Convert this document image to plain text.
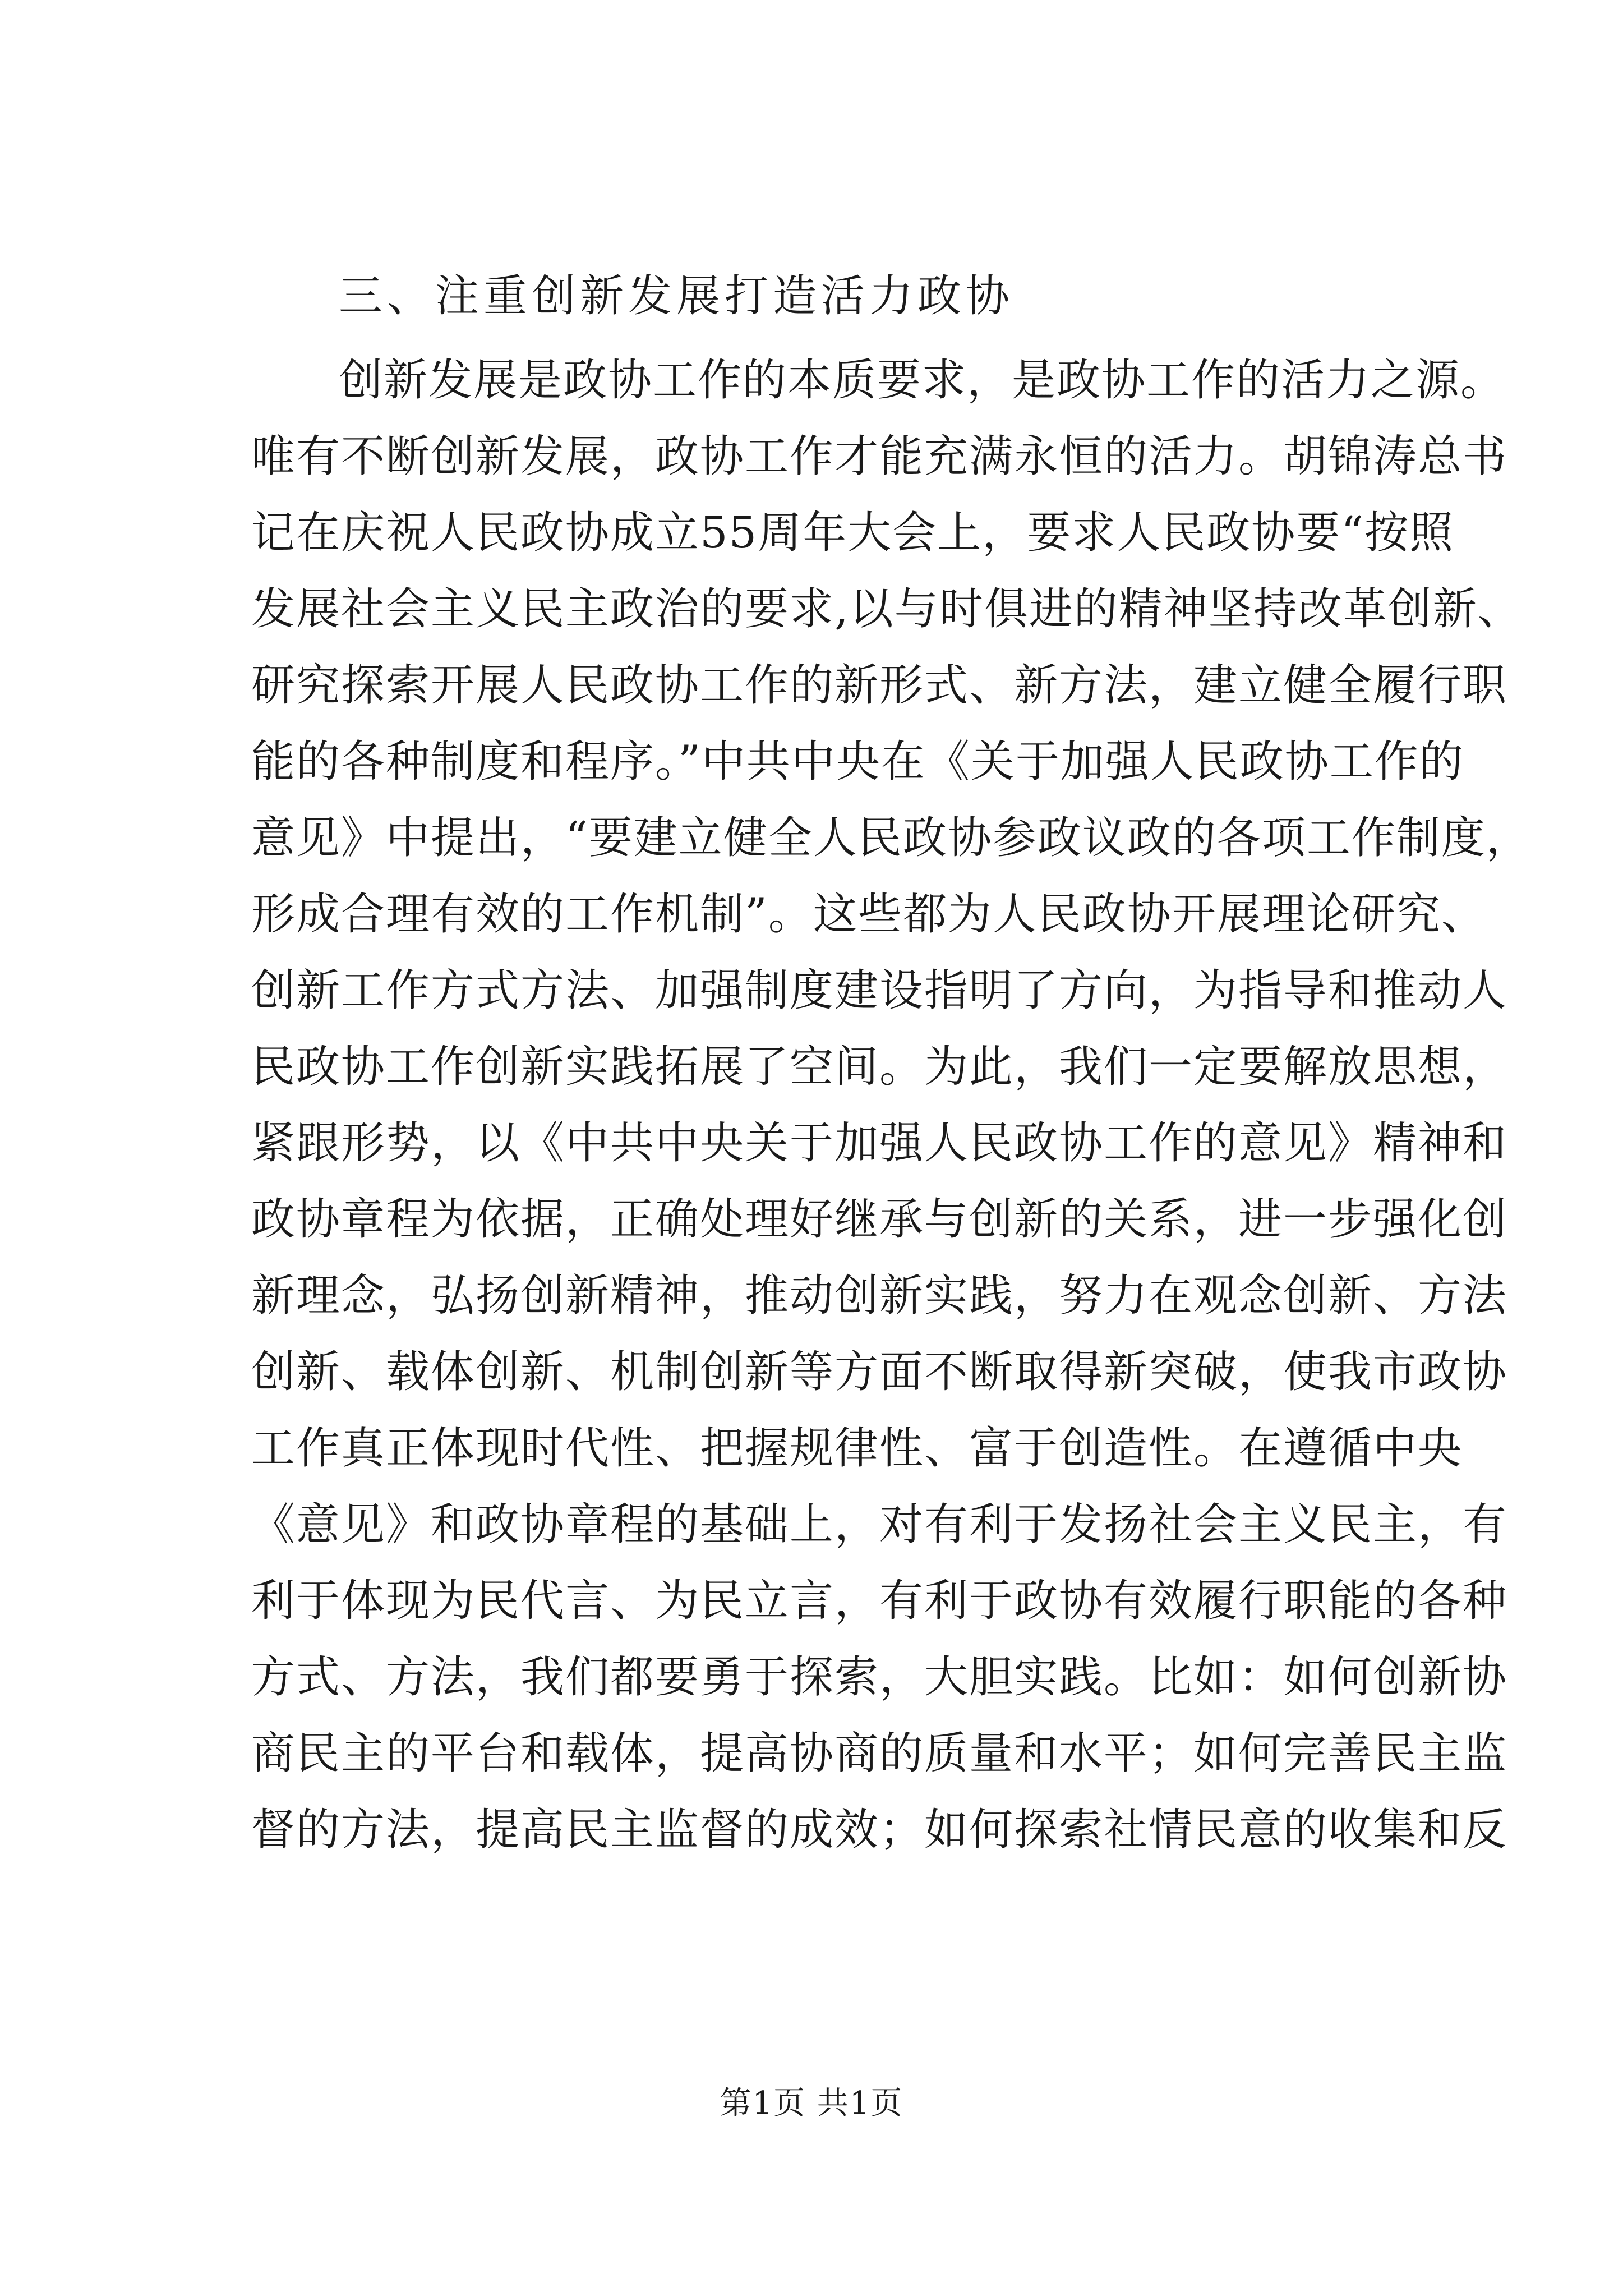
三、注重创新发展打造活力政协

创新发展是政协工作的本质要求，是政协工作的活力之源。

唯有不断创新发展，政协工作才能充满永恒的活力。胡锦涛总书

记在庆祝人民政协成立55周年大会上，要求人民政协要“按照

发展社会主义民主政治的要求,以与时俱进的精神坚持改革创新、

研究探索开展人民政协工作的新形式、新方法，建立健全履行职

能的各种制度和程序。”中共中央在《关于加强人民政协工作的

意见》中提出，“要建立健全人民政协参政议政的各项工作制度，

形成合理有效的工作机制”。这些都为人民政协开展理论研究、

创新工作方式方法、加强制度建设指明了方向，为指导和推动人

民政协工作创新实践拓展了空间。为此，我们一定要解放思想，

紧跟形势，以《中共中央关于加强人民政协工作的意见》精神和

政协章程为依据，正确处理好继承与创新的关系，进一步强化创

新理念，弘扬创新精神，推动创新实践，努力在观念创新、方法

创新、载体创新、机制创新等方面不断取得新突破，使我市政协

工作真正体现时代性、把握规律性、富于创造性。在遵循中央

《意见》和政协章程的基础上，对有利于发扬社会主义民主，有

利于体现为民代言、为民立言，有利于政协有效履行职能的各种

方式、方法，我们都要勇于探索，大胆实践。比如：如何创新协

商民主的平台和载体，提高协商的质量和水平；如何完善民主监

督的方法，提高民主监督的成效；如何探索社情民意的收集和反

第1页 共1页
